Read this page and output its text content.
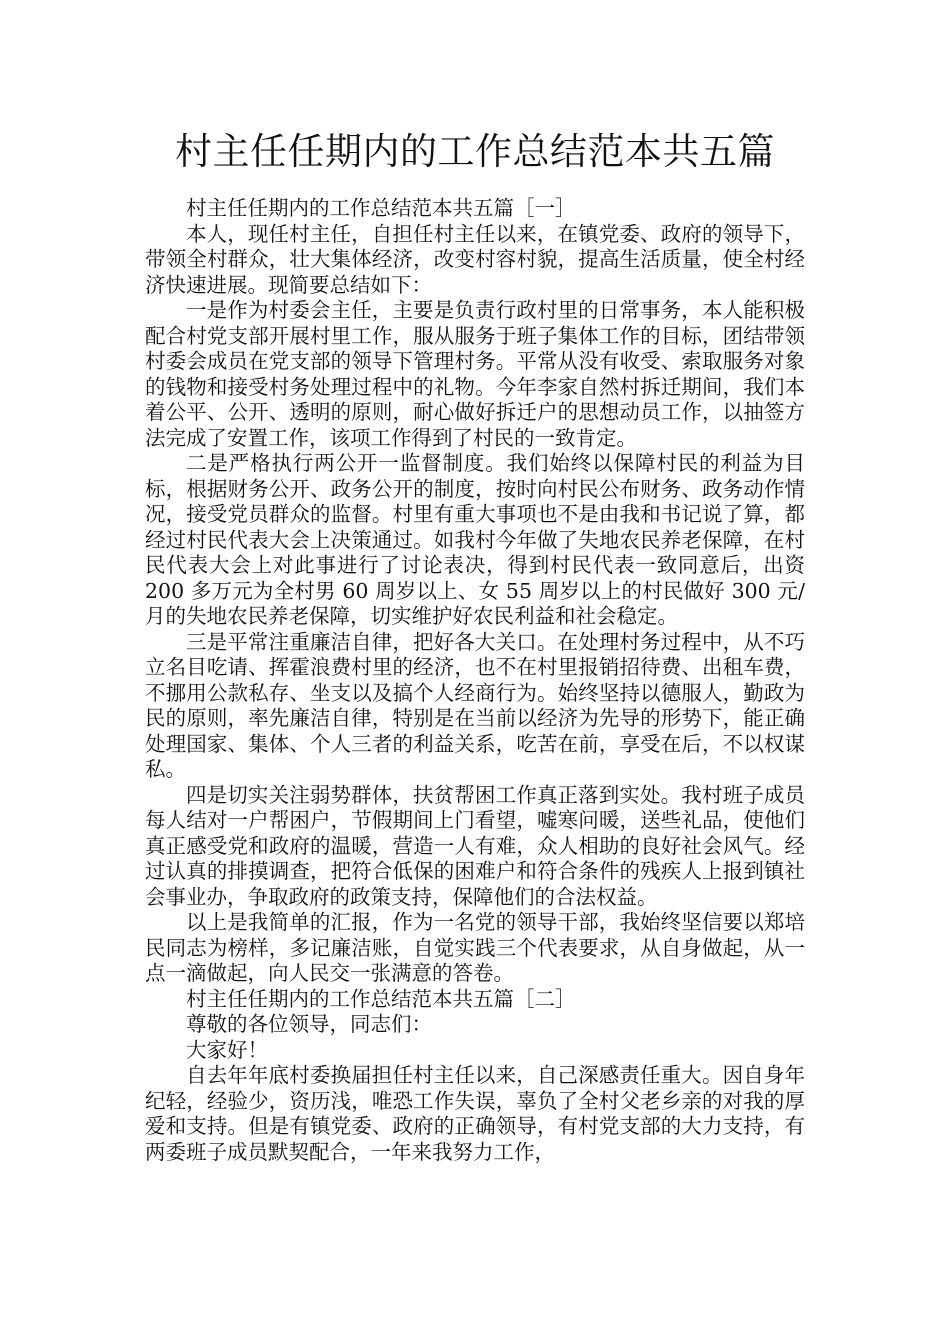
村主任任期内的工作总结范本共五篇

村主任任期内的工作总结范本共五篇［一］

本人，现任村主任，自担任村主任以来，在镇党委、政府的领导下，带领全村群众，壮大集体经济，改变村容村貌，提高生活质量，使全村经济快速进展。现简要总结如下：

一是作为村委会主任，主要是负责行政村里的日常事务，本人能积极配合村党支部开展村里工作，服从服务于班子集体工作的目标，团结带领村委会成员在党支部的领导下管理村务。平常从没有收受、索取服务对象的钱物和接受村务处理过程中的礼物。今年李家自然村拆迁期间，我们本着公平、公开、透明的原则，耐心做好拆迁户的思想动员工作，以抽签方法完成了安置工作，该项工作得到了村民的一致肯定。

二是严格执行两公开一监督制度。我们始终以保障村民的利益为目标，根据财务公开、政务公开的制度，按时向村民公布财务、政务动作情况，接受党员群众的监督。村里有重大事项也不是由我和书记说了算，都经过村民代表大会上决策通过。如我村今年做了失地农民养老保障，在村民代表大会上对此事进行了讨论表决，得到村民代表一致同意后，出资 200 多万元为全村男 60 周岁以上、女 55 周岁以上的村民做好 300 元/月的失地农民养老保障，切实维护好农民利益和社会稳定。

三是平常注重廉洁自律，把好各大关口。在处理村务过程中，从不巧立名目吃请、挥霍浪费村里的经济，也不在村里报销招待费、出租车费，不挪用公款私存、坐支以及搞个人经商行为。始终坚持以德服人，勤政为民的原则，率先廉洁自律，特别是在当前以经济为先导的形势下，能正确处理国家、集体、个人三者的利益关系，吃苦在前，享受在后，不以权谋私。

四是切实关注弱势群体，扶贫帮困工作真正落到实处。我村班子成员每人结对一户帮困户，节假期间上门看望，嘘寒问暖，送些礼品，使他们真正感受党和政府的温暖，营造一人有难，众人相助的良好社会风气。经过认真的排摸调查，把符合低保的困难户和符合条件的残疾人上报到镇社会事业办，争取政府的政策支持，保障他们的合法权益。

以上是我简单的汇报，作为一名党的领导干部，我始终坚信要以郑培民同志为榜样，多记廉洁账，自觉实践三个代表要求，从自身做起，从一点一滴做起，向人民交一张满意的答卷。

村主任任期内的工作总结范本共五篇［二］

尊敬的各位领导，同志们：

大家好！

自去年年底村委换届担任村主任以来，自己深感责任重大。因自身年纪轻，经验少，资历浅，唯恐工作失误，辜负了全村父老乡亲的对我的厚爱和支持。但是有镇党委、政府的正确领导，有村党支部的大力支持，有两委班子成员默契配合，一年来我努力工作，
